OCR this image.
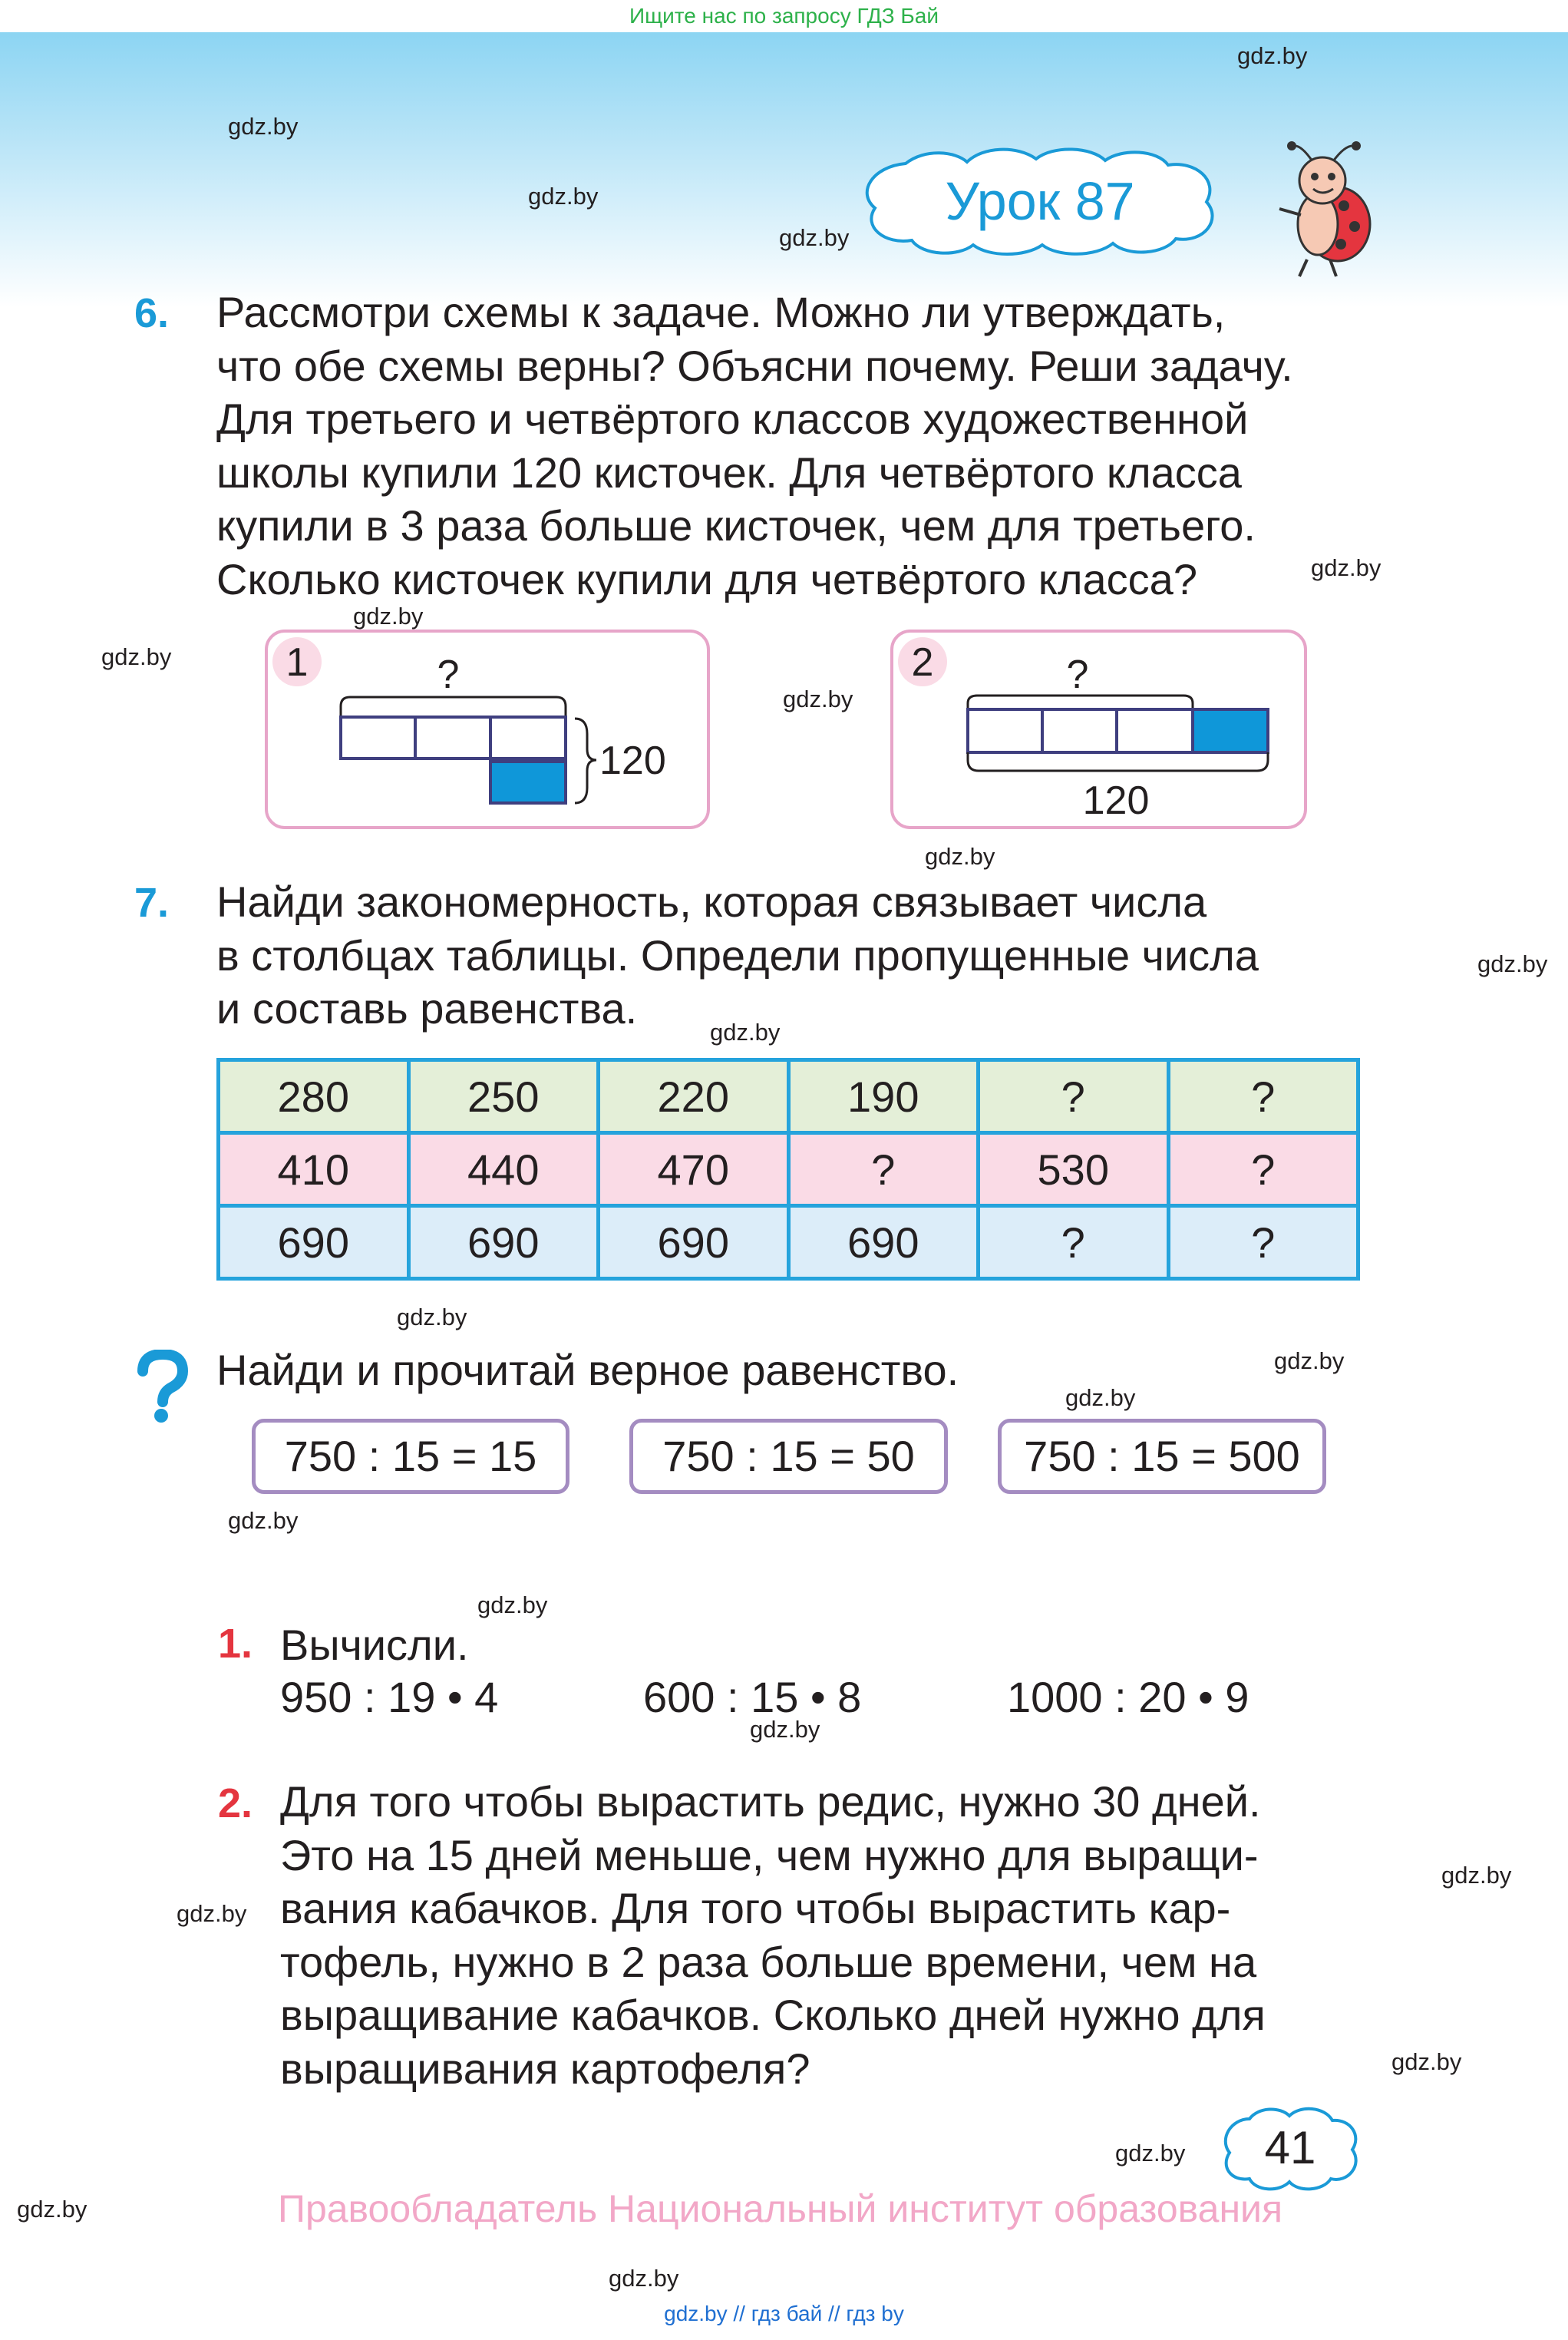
Ищите нас по запросу ГДЗ Бай
gdz.by
gdz.by
gdz.by
gdz.by
gdz.by
gdz.by
gdz.by
gdz.by
gdz.by
gdz.by
gdz.by
gdz.by
gdz.by
gdz.by
gdz.by
gdz.by
gdz.by
gdz.by
gdz.by
gdz.by
gdz.by
gdz.by
gdz.by
Урок 87
6. Рассмотри схемы к задаче. Можно ли утверждать,
что обе схемы верны? Объясни почему. Реши задачу.
Для третьего и четвёртого классов художественной
школы купили 120 кисточек. Для четвёртого класса
купили в 3 раза больше кисточек, чем для третьего.
Сколько кисточек купили для четвёртого класса?
1	?
120
2	?
120
7. Найди закономерность, которая связывает числа
в столбцах таблицы. Определи пропущенные числа
и составь равенства.
280	250	220	190	?	?
410	440	470	?	530	?
690	690	690	690	?	?
Найди и прочитай верное равенство.
750 : 15 = 15	750 : 15 = 50	750 : 15 = 500
1. Вычисли.
950 : 19 • 4	600 : 15 • 8	1000 : 20 • 9
2. Для того чтобы вырастить редис, нужно 30 дней.
Это на 15 дней меньше, чем нужно для выращи-
вания кабачков. Для того чтобы вырастить кар-
тофель, нужно в 2 раза больше времени, чем на
выращивание кабачков. Сколько дней нужно для
выращивания картофеля?
41
Правообладатель Национальный институт образования
gdz.by // гдз бай // гдз by
